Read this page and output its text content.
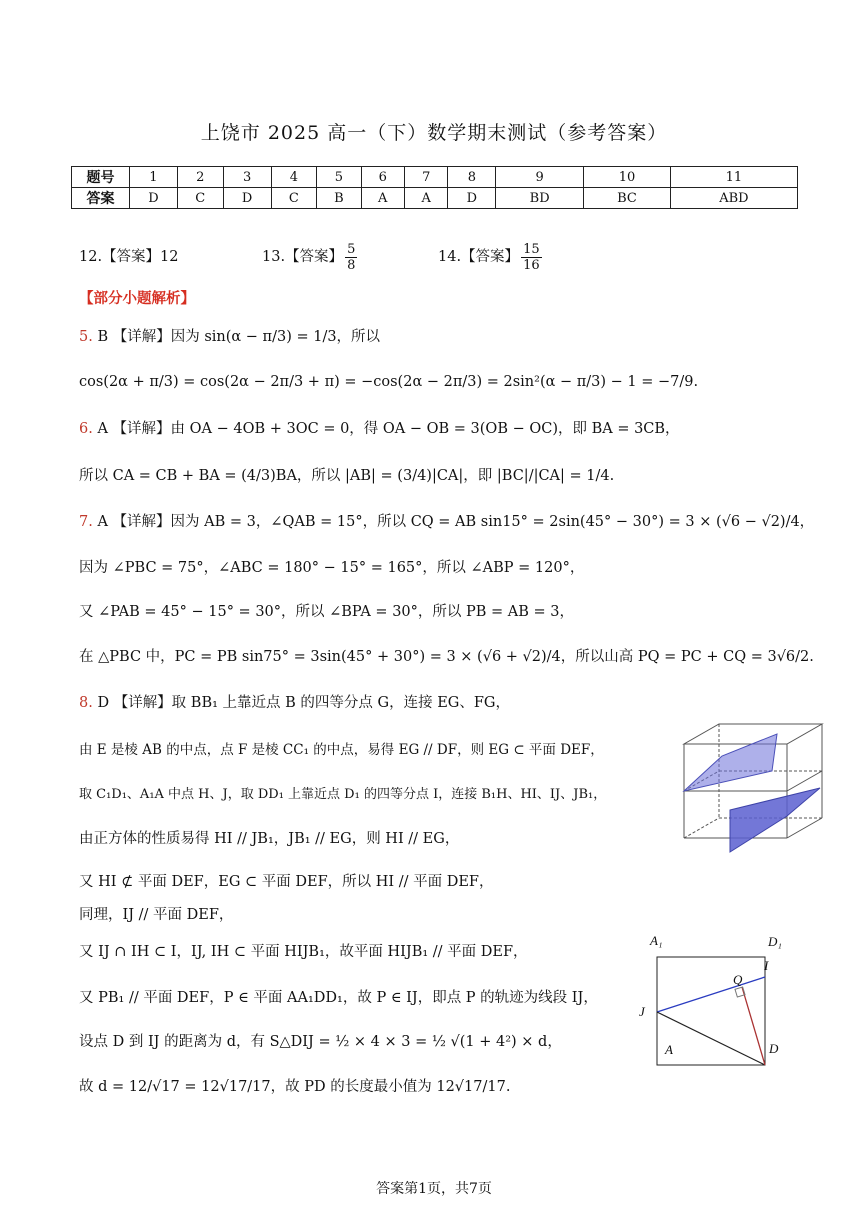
上饶市 2025 高一（下）数学期末测试（参考答案）
题号	1	2	3	4	5	6	7	8	9	10	11
答案	D	C	D	C	B	A	A	D	BD	BC	ABD
12.【答案】12	13.【答案】 $\frac{5}{8}$	14.【答案】 $\frac{15}{16}$
【部分小题解析】
5. B 【详解】因为 sin(α − π/3) = 1/3，所以
cos(2α + π/3) = cos(2α − 2π/3 + π) = −cos(2α − 2π/3) = 2sin²(α − π/3) − 1 = −7/9.
6. A 【详解】由 OA − 4OB + 3OC = 0，得 OA − OB = 3(OB − OC)，即 BA = 3CB，
所以 CA = CB + BA = (4/3)BA，所以 |AB| = (3/4)|CA|，即 |BC|/|CA| = 1/4.
7. A 【详解】因为 AB = 3，∠QAB = 15°，所以 CQ = AB sin15° = 2sin(45° − 30°) = 3 × (√6 − √2)/4，
因为 ∠PBC = 75°，∠ABC = 180° − 15° = 165°，所以 ∠ABP = 120°，
又 ∠PAB = 45° − 15° = 30°，所以 ∠BPA = 30°，所以 PB = AB = 3，
在 △PBC 中，PC = PB sin75° = 3sin(45° + 30°) = 3 × (√6 + √2)/4，所以山高 PQ = PC + CQ = 3√6/2.
8. D 【详解】取 BB₁ 上靠近点 B 的四等分点 G，连接 EG、FG，
由 E 是棱 AB 的中点，点 F 是棱 CC₁ 的中点，易得 EG // DF，则 EG ⊂ 平面 DEF，
取 C₁D₁、A₁A 中点 H、J，取 DD₁ 上靠近点 D₁ 的四等分点 I，连接 B₁H、HI、IJ、JB₁，
由正方体的性质易得 HI // JB₁，JB₁ // EG，则 HI // EG，
又 HI ⊄ 平面 DEF，EG ⊂ 平面 DEF，所以 HI // 平面 DEF，
同理，IJ // 平面 DEF，
又 IJ ∩ IH ⊂ I，IJ, IH ⊂ 平面 HIJB₁，故平面 HIJB₁ // 平面 DEF，
又 PB₁ // 平面 DEF，P ∈ 平面 AA₁DD₁，故 P ∈ IJ，即点 P 的轨迹为线段 IJ，
设点 D 到 IJ 的距离为 d，有 S△DIJ = ½ × 4 × 3 = ½ √(1 + 4²) × d，
故 d = 12/√17 = 12√17/17，故 PD 的长度最小值为 12√17/17.
A₁	D₁
I
Q
J
A	D
答案第1页，共7页
